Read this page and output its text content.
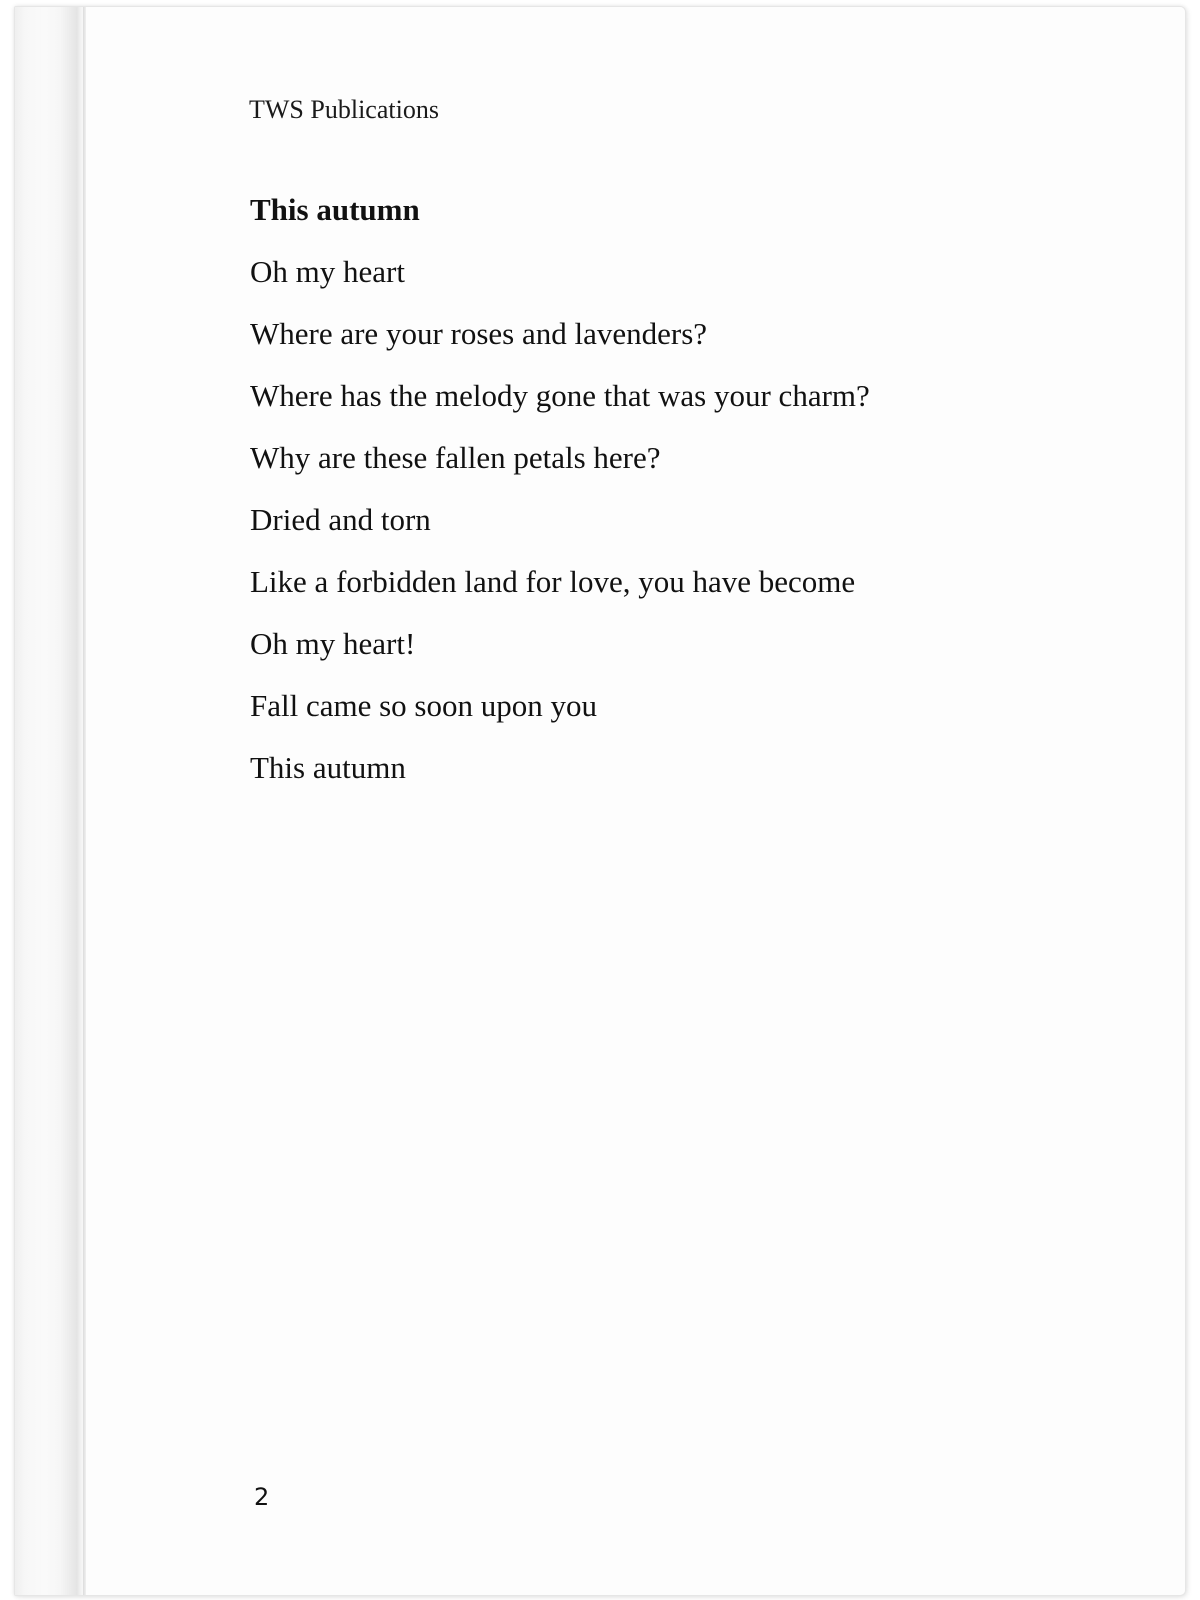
TWS Publications
This autumn
Oh my heart
Where are your roses and lavenders?
Where has the melody gone that was your charm?
Why are these fallen petals here?
Dried and torn
Like a forbidden land for love, you have become
Oh my heart!
Fall came so soon upon you
This autumn
2
